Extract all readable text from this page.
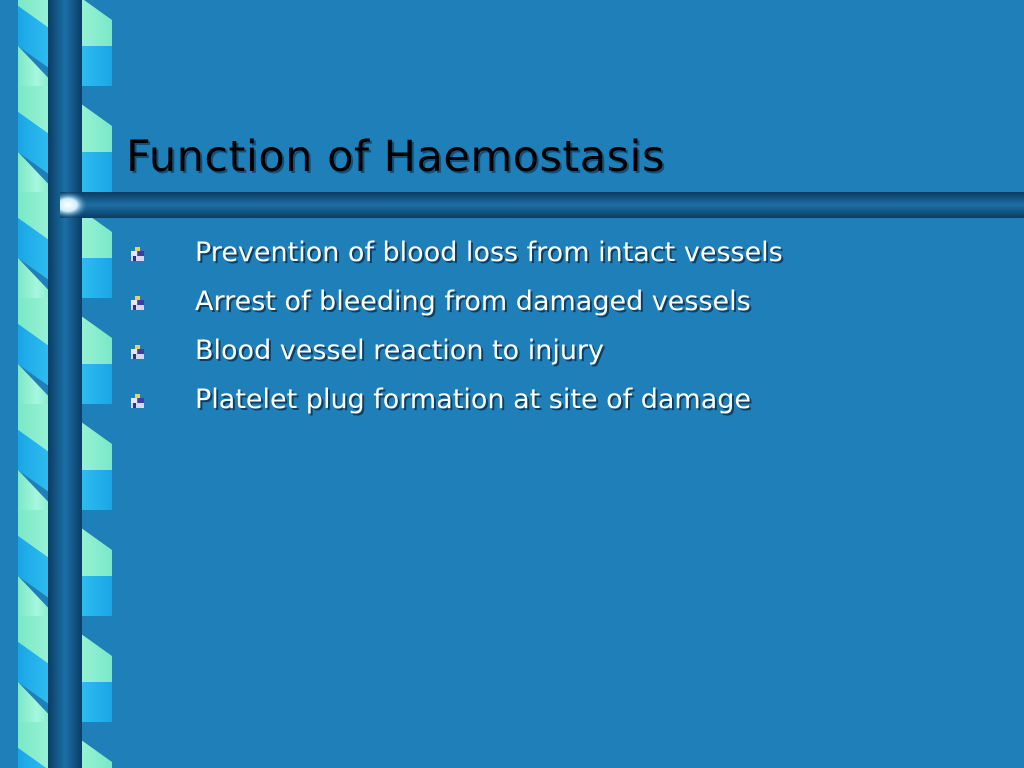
Function of Haemostasis
Prevention of blood loss from intact vessels
Arrest of bleeding from damaged vessels
Blood vessel reaction to injury
Platelet plug formation at site of damage
